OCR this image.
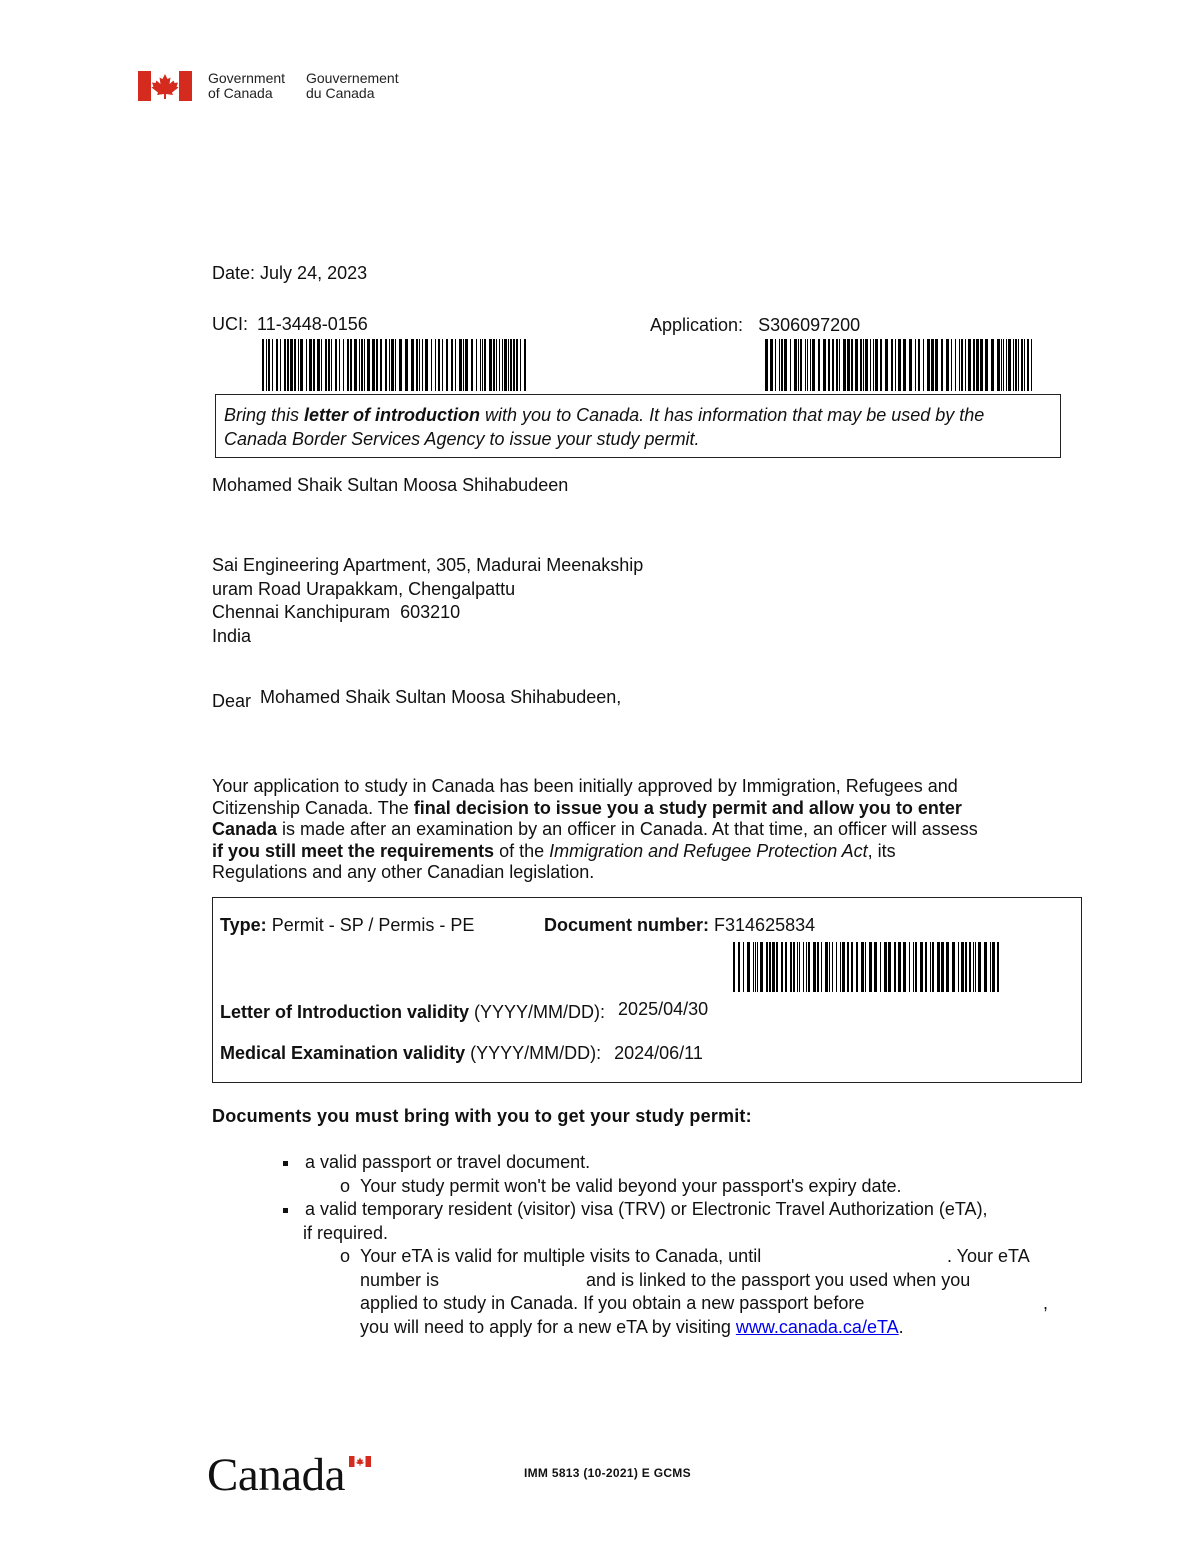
Government
of Canada
Gouvernement
du Canada
Date: July 24, 2023
UCI: 11-3448-0156	Application: S306097200
Bring this letter of introduction with you to Canada. It has information that may be used by the
Canada Border Services Agency to issue your study permit.
Mohamed Shaik Sultan Moosa Shihabudeen
Sai Engineering Apartment, 305, Madurai Meenakship
uram Road Urapakkam, Chengalpattu
Chennai Kanchipuram  603210
India
Dear Mohamed Shaik Sultan Moosa Shihabudeen,
Your application to study in Canada has been initially approved by Immigration, Refugees and
Citizenship Canada. The final decision to issue you a study permit and allow you to enter
Canada is made after an examination by an officer in Canada. At that time, an officer will assess
if you still meet the requirements of the Immigration and Refugee Protection Act, its
Regulations and any other Canadian legislation.
Type: Permit - SP / Permis - PE	Document number: F314625834
Letter of Introduction validity (YYYY/MM/DD): 2025/04/30
Medical Examination validity (YYYY/MM/DD): 2024/06/11
Documents you must bring with you to get your study permit:
a valid passport or travel document.
o Your study permit won't be valid beyond your passport's expiry date.
a valid temporary resident (visitor) visa (TRV) or Electronic Travel Authorization (eTA),
if required.
o Your eTA is valid for multiple visits to Canada, until	. Your eTA
number is	and is linked to the passport you used when you
applied to study in Canada. If you obtain a new passport before	,
you will need to apply for a new eTA by visiting www.canada.ca/eTA.
Canada	IMM 5813 (10-2021) E GCMS
